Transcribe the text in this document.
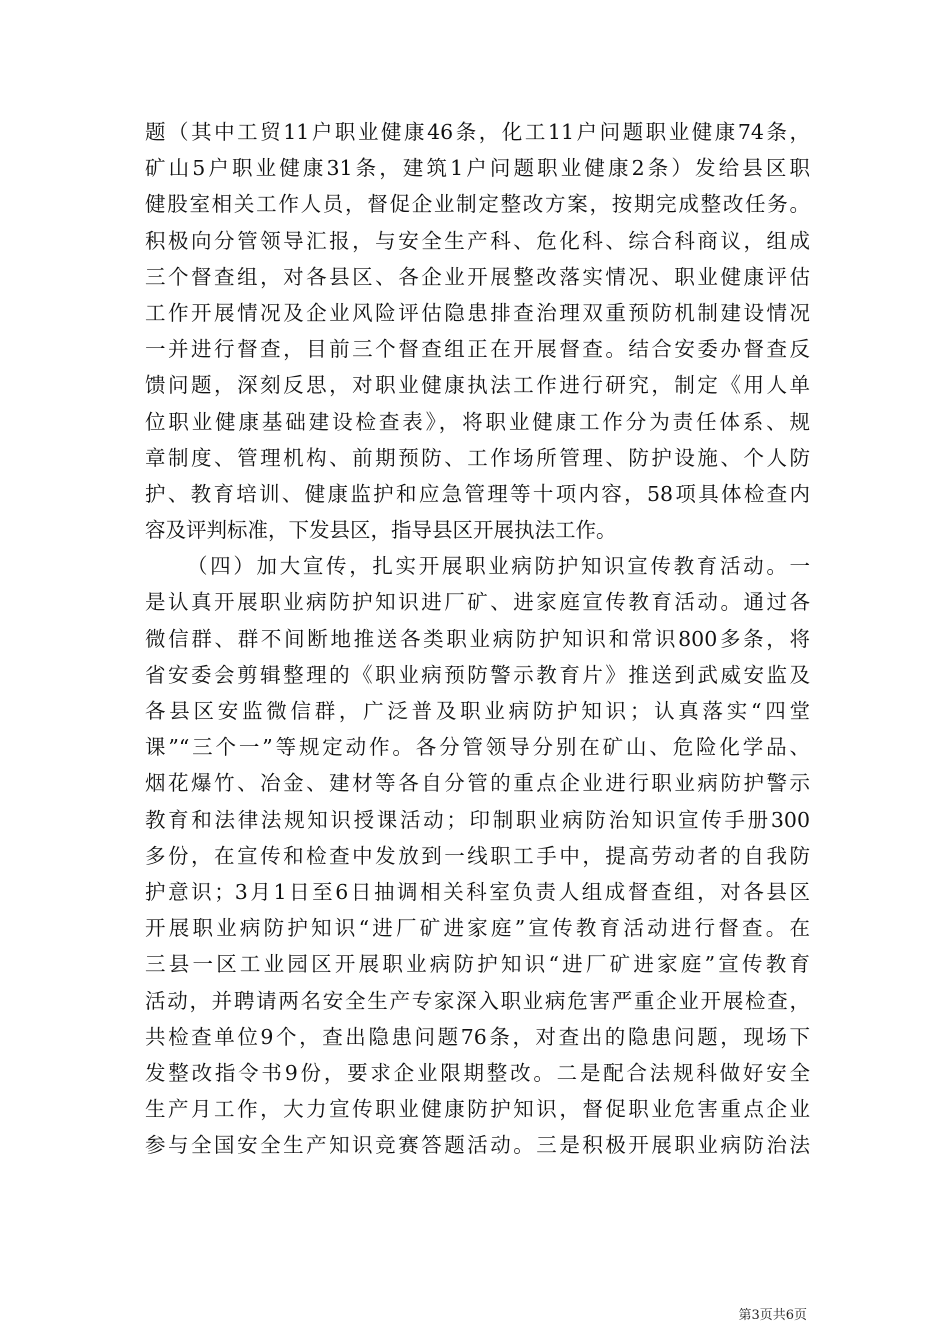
题（其中工贸11户职业健康46条，化工11户问题职业健康74条，
矿山5户职业健康31条，建筑1户问题职业健康2条）发给县区职
健股室相关工作人员，督促企业制定整改方案，按期完成整改任务。
积极向分管领导汇报，与安全生产科、危化科、综合科商议，组成
三个督查组，对各县区、各企业开展整改落实情况、职业健康评估
工作开展情况及企业风险评估隐患排查治理双重预防机制建设情况
一并进行督查，目前三个督查组正在开展督查。结合安委办督查反
馈问题，深刻反思，对职业健康执法工作进行研究，制定《用人单
位职业健康基础建设检查表》，将职业健康工作分为责任体系、规
章制度、管理机构、前期预防、工作场所管理、防护设施、个人防
护、教育培训、健康监护和应急管理等十项内容，58项具体检查内
容及评判标准，下发县区，指导县区开展执法工作。
（四）加大宣传，扎实开展职业病防护知识宣传教育活动。一
是认真开展职业病防护知识进厂矿、进家庭宣传教育活动。通过各
微信群、群不间断地推送各类职业病防护知识和常识800多条，将
省安委会剪辑整理的《职业病预防警示教育片》推送到武威安监及
各县区安监微信群，广泛普及职业病防护知识；认真落实“四堂
课”“三个一”等规定动作。各分管领导分别在矿山、危险化学品、
烟花爆竹、冶金、建材等各自分管的重点企业进行职业病防护警示
教育和法律法规知识授课活动；印制职业病防治知识宣传手册300
多份，在宣传和检查中发放到一线职工手中，提高劳动者的自我防
护意识；3月1日至6日抽调相关科室负责人组成督查组，对各县区
开展职业病防护知识“进厂矿进家庭”宣传教育活动进行督查。在
三县一区工业园区开展职业病防护知识“进厂矿进家庭”宣传教育
活动，并聘请两名安全生产专家深入职业病危害严重企业开展检查，
共检查单位9个，查出隐患问题76条，对查出的隐患问题，现场下
发整改指令书9份，要求企业限期整改。二是配合法规科做好安全
生产月工作，大力宣传职业健康防护知识，督促职业危害重点企业
参与全国安全生产知识竞赛答题活动。三是积极开展职业病防治法
第3页共6页
